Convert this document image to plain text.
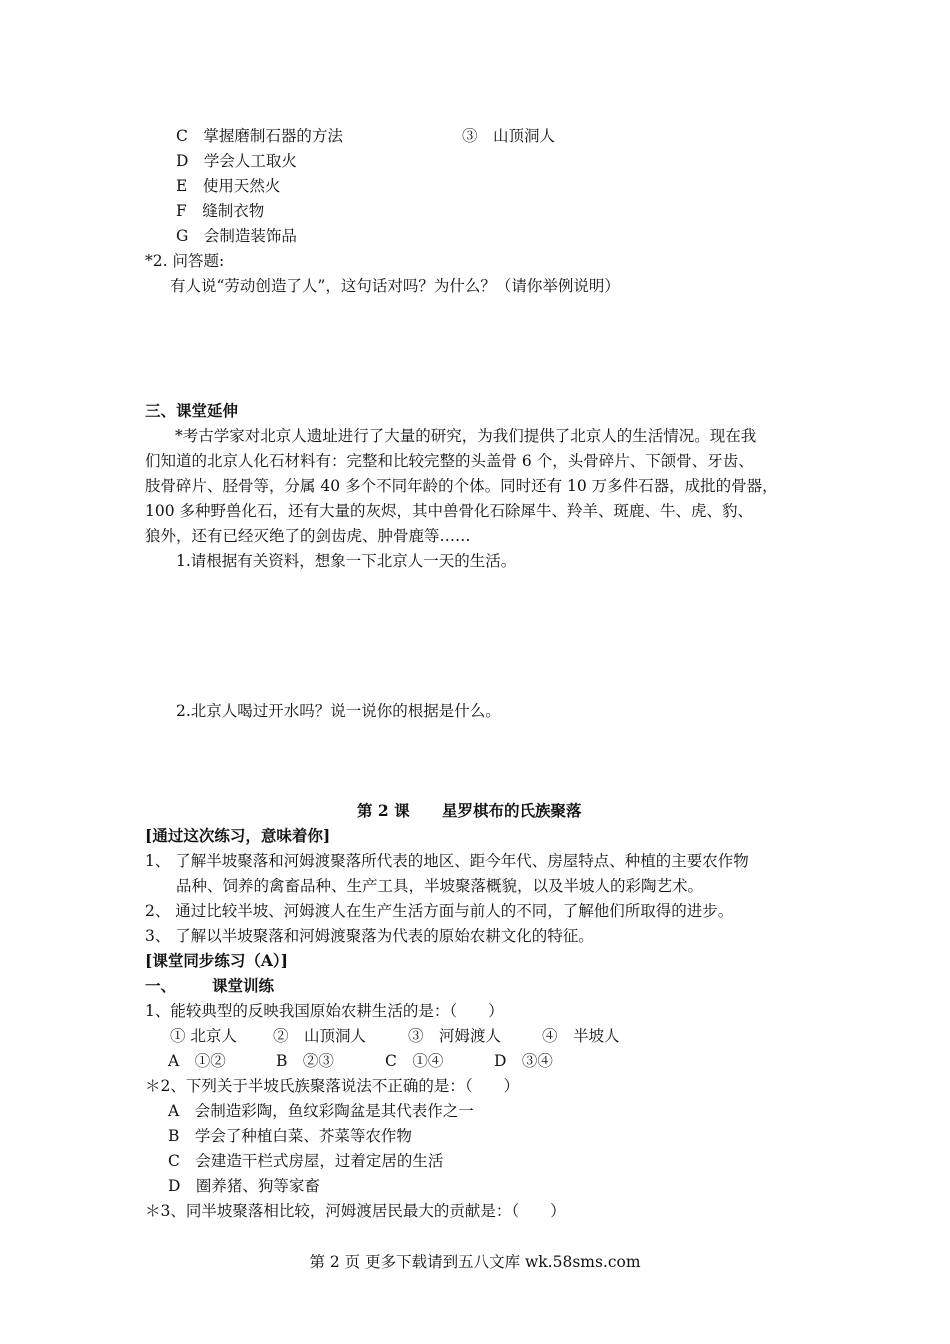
C　掌握磨制石器的方法	③　山顶洞人
D　学会人工取火
E　使用天然火
F　缝制衣物
G　会制造装饰品
*2. 问答题:
有人说“劳动创造了人”，这句话对吗？为什么？（请你举例说明）
三、课堂延伸
*考古学家对北京人遗址进行了大量的研究，为我们提供了北京人的生活情况。现在我
们知道的北京人化石材料有：完整和比较完整的头盖骨 6 个，头骨碎片、下颌骨、牙齿、
肢骨碎片、胫骨等，分属 40 多个不同年龄的个体。同时还有 10 万多件石器，成批的骨器，
100 多种野兽化石，还有大量的灰烬，其中兽骨化石除犀牛、羚羊、斑鹿、牛、虎、豹、
狼外，还有已经灭绝了的剑齿虎、肿骨鹿等……
1.请根据有关资料，想象一下北京人一天的生活。
2.北京人喝过开水吗？说一说你的根据是什么。
第 2 课 星罗棋布的氏族聚落
[通过这次练习，意味着你]
1、 了解半坡聚落和河姆渡聚落所代表的地区、距今年代、房屋特点、种植的主要农作物
品种、饲养的禽畜品种、生产工具，半坡聚落概貌，以及半坡人的彩陶艺术。
2、 通过比较半坡、河姆渡人在生产生活方面与前人的不同，了解他们所取得的进步。
3、 了解以半坡聚落和河姆渡聚落为代表的原始农耕文化的特征。
[课堂同步练习（A）]
一、 课堂训练
1、能较典型的反映我国原始农耕生活的是：（　　）
① 北京人 ②　山顶洞人	③　河姆渡人	④　半坡人
A　①②	B　②③	C　①④	D　③④
＊2、下列关于半坡氏族聚落说法不正确的是：（　　）
A　会制造彩陶，鱼纹彩陶盆是其代表作之一
B　学会了种植白菜、芥菜等农作物
C　会建造干栏式房屋，过着定居的生活
D　圈养猪、狗等家畜
＊3、同半坡聚落相比较，河姆渡居民最大的贡献是：（　　）
第 2 页 更多下载请到五八文库 wk.58sms.com
